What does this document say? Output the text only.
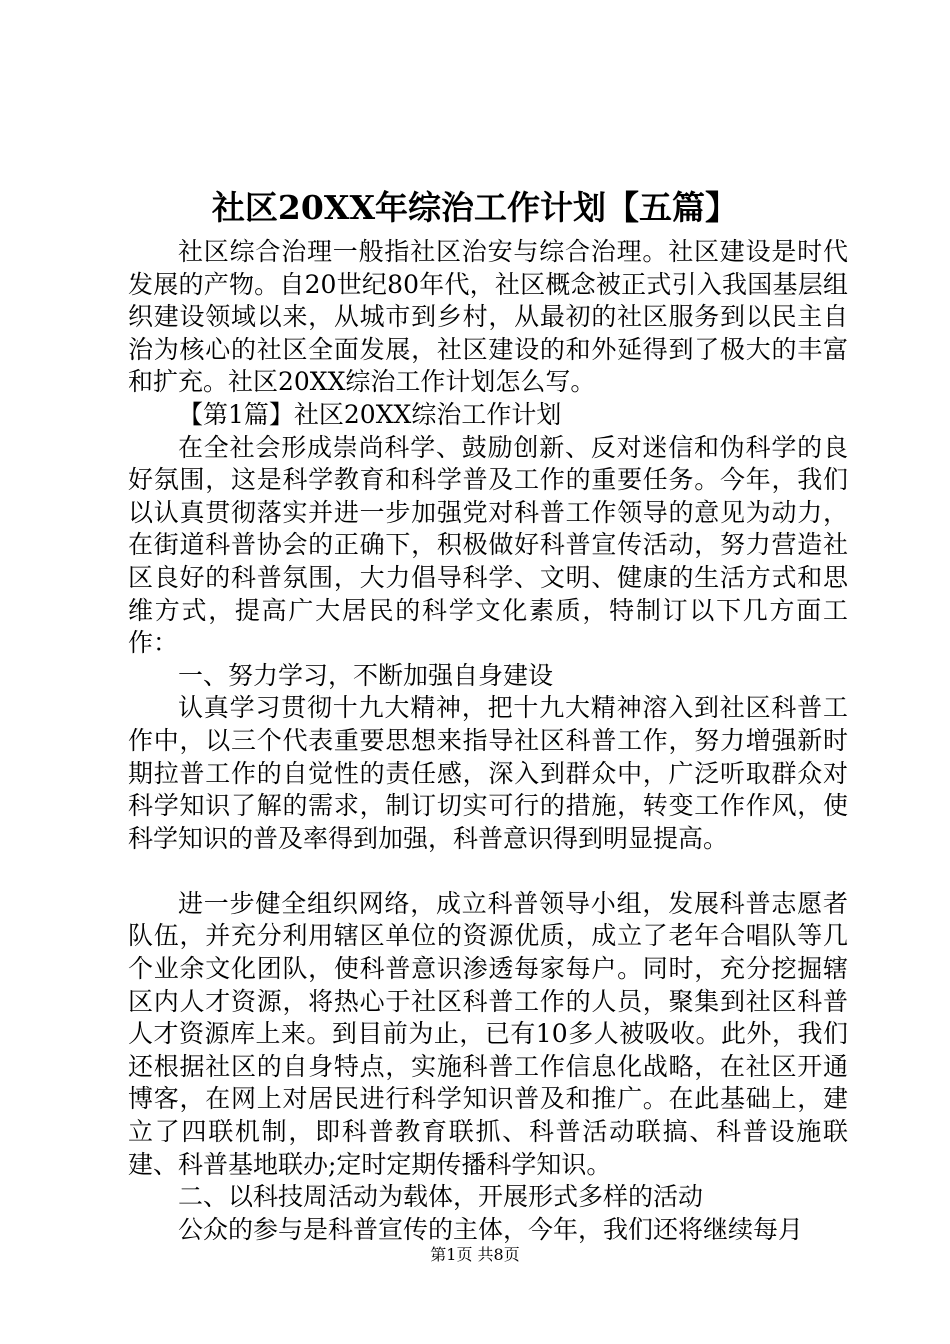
社区20XX年综治工作计划【五篇】

社区综合治理一般指社区治安与综合治理。社区建设是时代发展的产物。自20世纪80年代，社区概念被正式引入我国基层组织建设领域以来，从城市到乡村，从最初的社区服务到以民主自治为核心的社区全面发展，社区建设的和外延得到了极大的丰富和扩充。社区20XX综治工作计划怎么写。

【第1篇】社区20XX综治工作计划

在全社会形成崇尚科学、鼓励创新、反对迷信和伪科学的良好氛围，这是科学教育和科学普及工作的重要任务。今年，我们以认真贯彻落实并进一步加强党对科普工作领导的意见为动力，在街道科普协会的正确下，积极做好科普宣传活动，努力营造社区良好的科普氛围，大力倡导科学、文明、健康的生活方式和思维方式，提高广大居民的科学文化素质，特制订以下几方面工作：

一、努力学习，不断加强自身建设

认真学习贯彻十九大精神，把十九大精神溶入到社区科普工作中，以三个代表重要思想来指导社区科普工作，努力增强新时期拉普工作的自觉性的责任感，深入到群众中，广泛听取群众对科学知识了解的需求，制订切实可行的措施，转变工作作风，使科学知识的普及率得到加强，科普意识得到明显提高。

进一步健全组织网络，成立科普领导小组，发展科普志愿者队伍，并充分利用辖区单位的资源优质，成立了老年合唱队等几个业余文化团队，使科普意识渗透每家每户。同时，充分挖掘辖区内人才资源，将热心于社区科普工作的人员，聚集到社区科普人才资源库上来。到目前为止，已有10多人被吸收。此外，我们还根据社区的自身特点，实施科普工作信息化战略，在社区开通博客，在网上对居民进行科学知识普及和推广。在此基础上，建立了四联机制，即科普教育联抓、科普活动联搞、科普设施联建、科普基地联办;定时定期传播科学知识。

二、以科技周活动为载体，开展形式多样的活动

公众的参与是科普宣传的主体，今年，我们还将继续每月

第1页 共8页
